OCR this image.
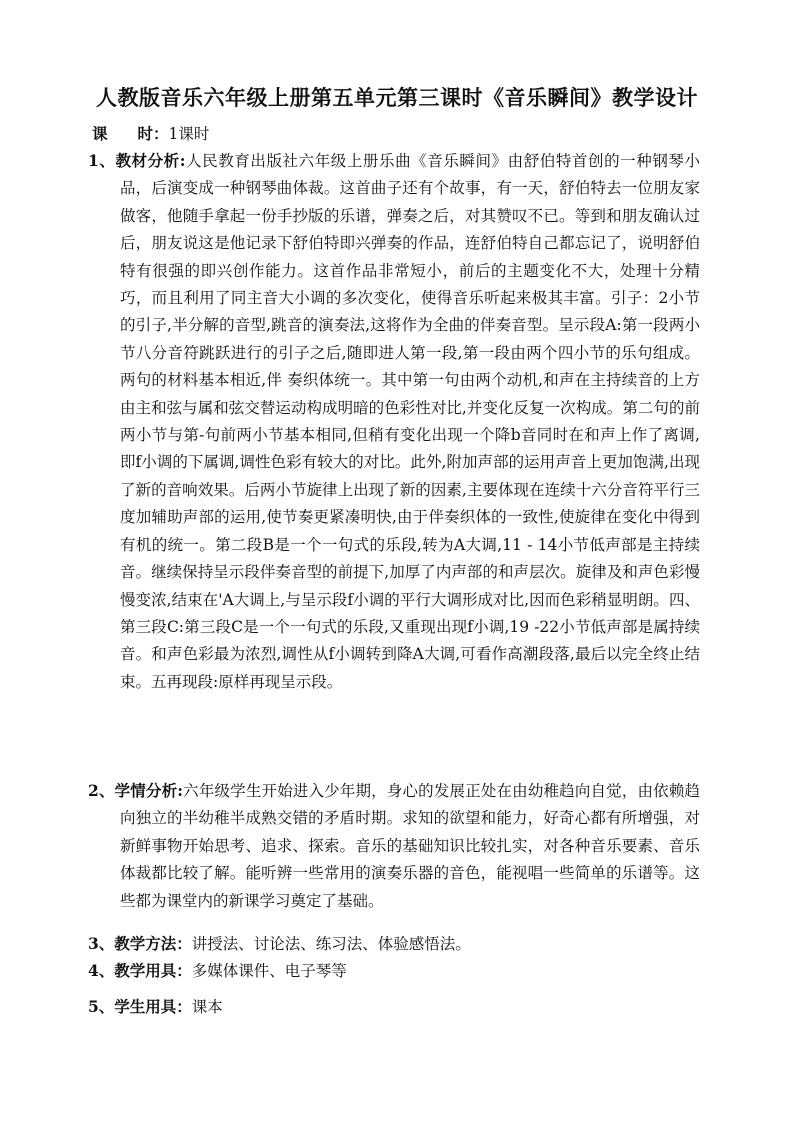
人教版音乐六年级上册第五单元第三课时《音乐瞬间》教学设计
课 时：1课时
1、教材分析:人民教育出版社六年级上册乐曲《音乐瞬间》由舒伯特首创的一种钢琴小品，后演变成一种钢琴曲体裁。这首曲子还有个故事，有一天，舒伯特去一位朋友家做客，他随手拿起一份手抄版的乐谱，弹奏之后，对其赞叹不已。等到和朋友确认过后，朋友说这是他记录下舒伯特即兴弹奏的作品，连舒伯特自己都忘记了，说明舒伯特有很强的即兴创作能力。这首作品非常短小，前后的主题变化不大，处理十分精巧，而且利用了同主音大小调的多次变化，使得音乐听起来极其丰富。引子：2小节的引子,半分解的音型,跳音的演奏法,这将作为全曲的伴奏音型。呈示段A:第一段两小节八分音符跳跃进行的引子之后,随即进人第一段,第一段由两个四小节的乐句组成。两句的材料基本相近,伴 奏织体统一。其中第一句由两个动机,和声在主持续音的上方由主和弦与属和弦交替运动构成明暗的色彩性对比,并变化反复一次构成。第二句的前两小节与第-句前两小节基本相同,但稍有变化出现一个降b音同时在和声上作了离调,即f小调的下属调,调性色彩有较大的对比。此外,附加声部的运用声音上更加饱满,出现了新的音响效果。后两小节旋律上出现了新的因素,主要体现在连续十六分音符平行三度加辅助声部的运用,使节奏更紧凑明快,由于伴奏织体的一致性,使旋律在变化中得到有机的统一。第二段B是一个一句式的乐段,转为A大调,11 - 14小节低声部是主持续音。继续保持呈示段伴奏音型的前提下,加厚了内声部的和声层次。旋律及和声色彩慢慢变浓,结束在'A大调上,与呈示段f小调的平行大调形成对比,因而色彩稍显明朗。四、第三段C:第三段C是一个一句式的乐段,又重现出现f小调,19 -22小节低声部是属持续音。和声色彩最为浓烈,调性从f小调转到降A大调,可看作高潮段落,最后以完全终止结束。五再现段:原样再现呈示段。
2、学情分析:六年级学生开始进入少年期，身心的发展正处在由幼稚趋向自觉，由依赖趋向独立的半幼稚半成熟交错的矛盾时期。求知的欲望和能力，好奇心都有所增强，对新鲜事物开始思考、追求、探索。音乐的基础知识比较扎实，对各种音乐要素、音乐体裁都比较了解。能听辨一些常用的演奏乐器的音色，能视唱一些简单的乐谱等。这些都为课堂内的新课学习奠定了基础。
3、教学方法：讲授法、讨论法、练习法、体验感悟法。
4、教学用具：多媒体课件、电子琴等
5、学生用具：课本
